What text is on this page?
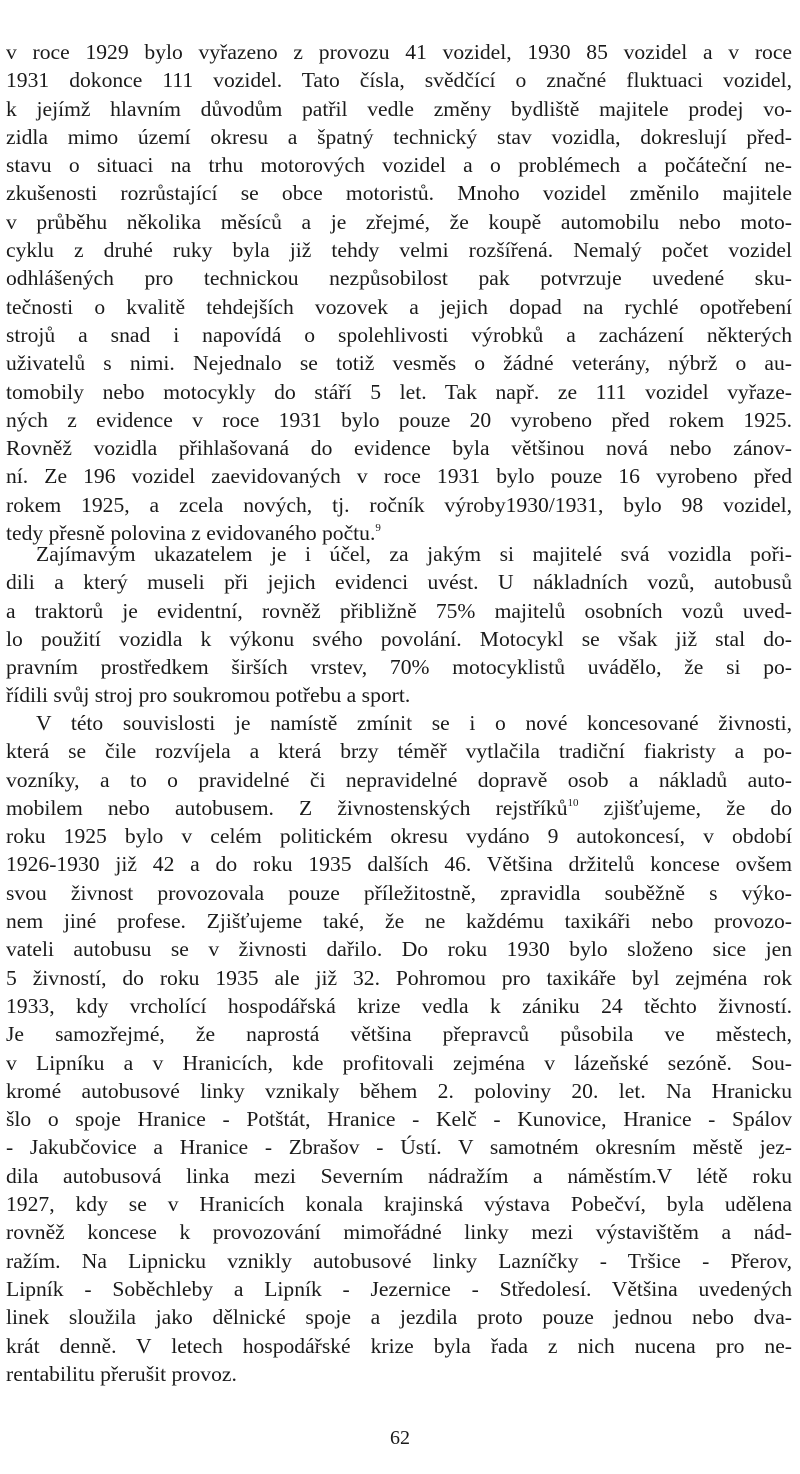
v roce 1929 bylo vyřazeno z provozu 41 vozidel, 1930 85 vozidel a v roce
1931 dokonce 111 vozidel. Tato čísla, svědčící o značné fluktuaci vozidel,
k jejímž hlavním důvodům patřil vedle změny bydliště majitele prodej vo-
zidla mimo území okresu a špatný technický stav vozidla, dokreslují před-
stavu o situaci na trhu motorových vozidel a o problémech a počáteční ne-
zkušenosti rozrůstající se obce motoristů. Mnoho vozidel změnilo majitele
v průběhu několika měsíců a je zřejmé, že koupě automobilu nebo moto-
cyklu z druhé ruky byla již tehdy velmi rozšířená. Nemalý počet vozidel
odhlášených pro technickou nezpůsobilost pak potvrzuje uvedené sku-
tečnosti o kvalitě tehdejších vozovek a jejich dopad na rychlé opotřebení
strojů a snad i napovídá o spolehlivosti výrobků a zacházení některých
uživatelů s nimi. Nejednalo se totiž vesměs o žádné veterány, nýbrž o au-
tomobily nebo motocykly do stáří 5 let. Tak např. ze 111 vozidel vyřaze-
ných z evidence v roce 1931 bylo pouze 20 vyrobeno před rokem 1925.
Rovněž vozidla přihlašovaná do evidence byla většinou nová nebo zánov-
ní. Ze 196 vozidel zaevidovaných v roce 1931 bylo pouze 16 vyrobeno před
rokem 1925, a zcela nových, tj. ročník výroby1930/1931, bylo 98 vozidel,
tedy přesně polovina z evidovaného počtu.$^9$
Zajímavým ukazatelem je i účel, za jakým si majitelé svá vozidla poři-
dili a který museli při jejich evidenci uvést. U nákladních vozů, autobusů
a traktorů je evidentní, rovněž přibližně 75% majitelů osobních vozů uved-
lo použití vozidla k výkonu svého povolání. Motocykl se však již stal do-
pravním prostředkem širších vrstev, 70% motocyklistů uvádělo, že si po-
řídili svůj stroj pro soukromou potřebu a sport.
V této souvislosti je namístě zmínit se i o nové koncesované živnosti,
která se čile rozvíjela a která brzy téměř vytlačila tradiční fiakristy a po-
vozníky, a to o pravidelné či nepravidelné dopravě osob a nákladů auto-
mobilem nebo autobusem. Z živnostenských rejstříků$^{10}$ zjišťujeme, že do
roku 1925 bylo v celém politickém okresu vydáno 9 autokoncesí, v období
1926-1930 již 42 a do roku 1935 dalších 46. Většina držitelů koncese ovšem
svou živnost provozovala pouze příležitostně, zpravidla souběžně s výko-
nem jiné profese. Zjišťujeme také, že ne každému taxikáři nebo provozo-
vateli autobusu se v živnosti dařilo. Do roku 1930 bylo složeno sice jen
5 živností, do roku 1935 ale již 32. Pohromou pro taxikáře byl zejména rok
1933, kdy vrcholící hospodářská krize vedla k zániku 24 těchto živností.
Je samozřejmé, že naprostá většina přepravců působila ve městech,
v Lipníku a v Hranicích, kde profitovali zejména v lázeňské sezóně. Sou-
kromé autobusové linky vznikaly během 2. poloviny 20. let. Na Hranicku
šlo o spoje Hranice - Potštát, Hranice - Kelč - Kunovice, Hranice - Spálov
- Jakubčovice a Hranice - Zbrašov - Ústí. V samotném okresním městě jez-
dila autobusová linka mezi Severním nádražím a náměstím.V létě roku
1927, kdy se v Hranicích konala krajinská výstava Pobečví, byla udělena
rovněž koncese k provozování mimořádné linky mezi výstavištěm a nád-
ražím. Na Lipnicku vznikly autobusové linky Lazníčky - Tršice - Přerov,
Lipník - Soběchleby a Lipník - Jezernice - Středolesí. Většina uvedených
linek sloužila jako dělnické spoje a jezdila proto pouze jednou nebo dva-
krát denně. V letech hospodářské krize byla řada z nich nucena pro ne-
rentabilitu přerušit provoz.
62
